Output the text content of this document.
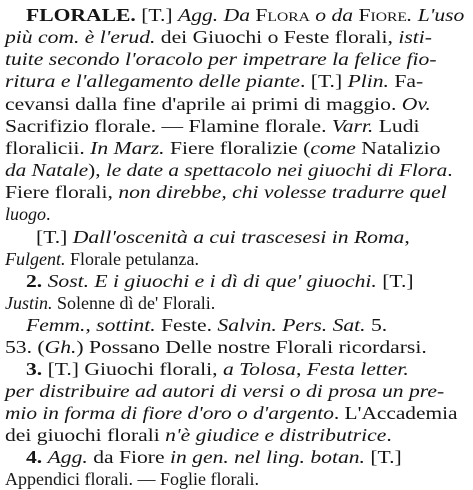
FLORALE. [T.] Agg. Da Flora o da Fiore. L'uso
più com. è l'erud. dei Giuochi o Feste florali, isti-
tuite secondo l'oracolo per impetrare la felice fio-
ritura e l'allegamento delle piante. [T.] Plin. Fa-
cevansi dalla fine d'aprile ai primi di maggio. Ov.
Sacrifizio florale. — Flamine florale. Varr. Ludi
floralicii. In Marz. Fiere floralizie (come Natalizio
da Natale), le date a spettacolo nei giuochi di Flora.
Fiere florali, non direbbe, chi volesse tradurre quel
luogo.
[T.] Dall'oscenità a cui trascesesi in Roma,
Fulgent. Florale petulanza.
2. Sost. E i giuochi e i dì di que' giuochi. [T.]
Justin. Solenne dì de' Florali.
Femm., sottint. Feste. Salvin. Pers. Sat. 5.
53. (Gh.) Possano Delle nostre Florali ricordarsi.
3. [T.] Giuochi florali, a Tolosa, Festa letter.
per distribuire ad autori di versi o di prosa un pre-
mio in forma di fiore d'oro o d'argento. L'Accademia
dei giuochi florali n'è giudice e distributrice.
4. Agg. da Fiore in gen. nel ling. botan. [T.]
Appendici florali. — Foglie florali.
